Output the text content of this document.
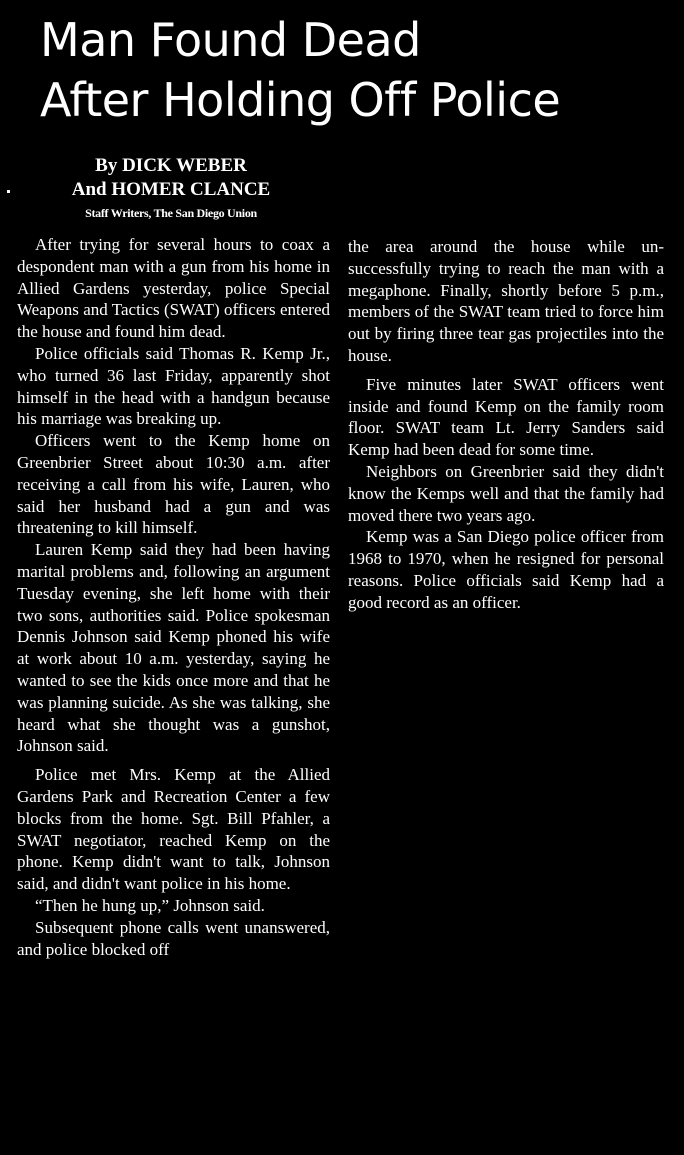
Man Found Dead
After Holding Off Police
By DICK WEBER
And HOMER CLANCE
Staff Writers, The San Diego Union

After trying for several hours to coax a despondent man with a gun from his home in Allied Gardens yesterday, police Special Weapons and Tactics (SWAT) officers entered the house and found him dead.

Police officials said Thomas R. Kemp Jr., who turned 36 last Friday, apparently shot himself in the head with a handgun because his marriage was breaking up.

Officers went to the Kemp home on Greenbrier Street about 10:30 a.m. after receiving a call from his wife, Lauren, who said her husband had a gun and was threatening to kill himself.

Lauren Kemp said they had been having marital problems and, following an argument Tuesday evening, she left home with their two sons, authorities said. Police spokesman Dennis Johnson said Kemp phoned his wife at work about 10 a.m. yesterday, saying he wanted to see the kids once more and that he was planning suicide. As she was talking, she heard what she thought was a gunshot, Johnson said.

Police met Mrs. Kemp at the Allied Gardens Park and Recreation Center a few blocks from the home. Sgt. Bill Pfahler, a SWAT negotiator, reached Kemp on the phone. Kemp didn't want to talk, Johnson said, and didn't want police in his home.

“Then he hung up,” Johnson said.

Subsequent phone calls went unanswered, and police blocked off

the area around the house while unsuccessfully trying to reach the man with a megaphone. Finally, shortly before 5 p.m., members of the SWAT team tried to force him out by firing three tear gas projectiles into the house.

Five minutes later SWAT officers went inside and found Kemp on the family room floor. SWAT team Lt. Jerry Sanders said Kemp had been dead for some time.

Neighbors on Greenbrier said they didn't know the Kemps well and that the family had moved there two years ago.

Kemp was a San Diego police officer from 1968 to 1970, when he resigned for personal reasons. Police officials said Kemp had a good record as an officer.
